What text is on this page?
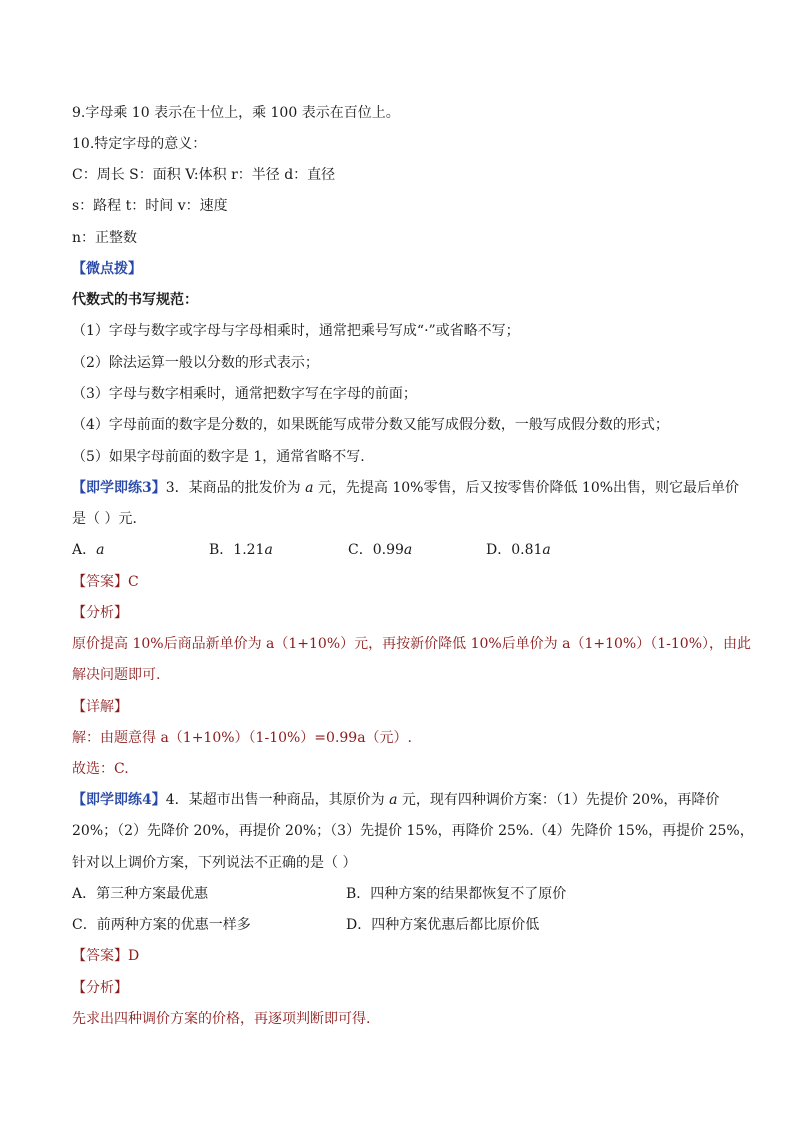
9.字母乘 10 表示在十位上，乘 100 表示在百位上。
10.特定字母的意义：
C：周长 S：面积 V:体积 r：半径 d：直径
s：路程 t：时间 v：速度
n：正整数
【微点拨】
代数式的书写规范：
（1）字母与数字或字母与字母相乘时，通常把乘号写成“·”或省略不写；
（2）除法运算一般以分数的形式表示；
（3）字母与数字相乘时，通常把数字写在字母的前面；
（4）字母前面的数字是分数的，如果既能写成带分数又能写成假分数，一般写成假分数的形式；
（5）如果字母前面的数字是 1，通常省略不写.
【即学即练3】3．某商品的批发价为 a 元，先提高 10%零售，后又按零售价降低 10%出售，则它最后单价
是（ ）元．
A．a	B．1.21a	C．0.99a	D．0.81a
【答案】C
【分析】
原价提高 10%后商品新单价为 a（1+10%）元，再按新价降低 10%后单价为 a（1+10%）（1-10%），由此
解决问题即可.
【详解】
解：由题意得 a（1+10%）（1-10%）=0.99a（元）.
故选：C.
【即学即练4】4．某超市出售一种商品，其原价为 a 元，现有四种调价方案：（1）先提价 20%，再降价
20%；（2）先降价 20%，再提价 20%；（3）先提价 15%，再降价 25%.（4）先降价 15%，再提价 25%，
针对以上调价方案，下列说法不正确的是（ ）
A．第三种方案最优惠	B．四种方案的结果都恢复不了原价
C．前两种方案的优惠一样多	D．四种方案优惠后都比原价低
【答案】D
【分析】
先求出四种调价方案的价格，再逐项判断即可得.
